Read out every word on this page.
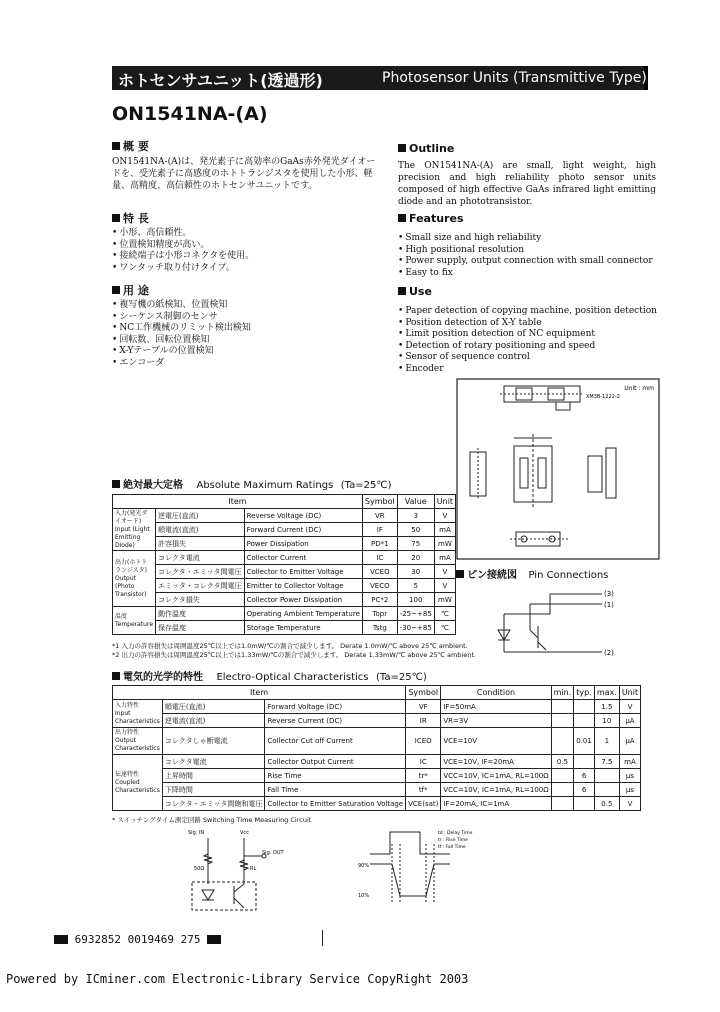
ホトセンサユニット(透過形)	Photosensor Units (Transmittive Type)
ON1541NA-(A)
概 要
ON1541NA-(A)は、発光素子に高効率のGaAs赤外発光ダイオードを、受光素子に高感度のホトトランジスタを使用した小形、軽量、高精度、高信頼性のホトセンサユニットです。
特 長
• 小形、高信頼性。
• 位置検知精度が高い。
• 接続端子は小形コネクタを使用。
• ワンタッチ取り付けタイプ。
用 途
• 複写機の紙検知、位置検知
• シーケンス制御のセンサ
• NC工作機械のリミット検出検知
• 回転数、回転位置検知
• X-Yテーブルの位置検知
• エンコーダ
Outline
The ON1541NA-(A) are small, light weight, high precision and high reliability photo sensor units composed of high effective GaAs infrared light emitting diode and an phototransistor.
Features
• Small size and high reliability
• High positional resolution
• Power supply, output connection with small connector
• Easy to fix
Use
• Paper detection of copying machine, position detection
• Position detection of X-Y table
• Limit position detection of NC equipment
• Detection of rotary positioning and speed
• Sensor of sequence control
• Encoder
Unit : mm
XM3B-1222-2
絶対最大定格 Absolute Maximum Ratings (Ta=25℃)
Item			Symbol	Value	Unit
入力(発光ダイオード)
Input (Light Emitting Diode)	逆電圧(直流)	Reverse Voltage (DC)	VR	3	V
	順電流(直流)	Forward Current (DC)	IF	50	mA
	許容損失	Power Dissipation	PD*1	75	mW
出力(ホトトランジスタ)
Output (Photo Transistor)	コレクタ電流	Collector Current	IC	20	mA
	コレクタ・エミッタ間電圧	Collector to Emitter Voltage	VCEO	30	V
	エミッタ・コレクタ間電圧	Emitter to Collector Voltage	VECO	5	V
	コレクタ損失	Collector Power Dissipation	PC*2	100	mW
温度
Temperature	動作温度	Operating Ambient Temperature	Topr	-25~+85	℃
	保存温度	Storage Temperature	Tstg	-30~+85	℃
*1 入力の許容損失は周囲温度25℃以上では1.0mW/℃の割合で減少します。 Derate 1.0mW/℃ above 25℃ ambient.
*2 出力の許容損失は周囲温度25℃以上では1.33mW/℃の割合で減少します。 Derate 1.33mW/℃ above 25℃ ambient.
ピン接続図 Pin Connections
(3)
(1)
(2)
電気的光学的特性 Electro-Optical Characteristics (Ta=25℃)
Item			Symbol	Condition	min.	typ.	max.	Unit
入力特性
Input Characteristics	順電圧(直流)	Forward Voltage (DC)	VF	IF=50mA			1.5	V
	逆電流(直流)	Reverse Current (DC)	IR	VR=3V			10	μA
出力特性
Output Characteristics	コレクタしゃ断電流	Collector Cut off Current	ICEO	VCE=10V		0.01	1	μA
伝達特性
Coupled Characteristics	コレクタ電流	Collector Output Current	IC	VCE=10V, IF=20mA	0.5		7.5	mA
	上昇時間	Rise Time	tr*	VCC=10V, IC=1mA, RL=100Ω		6		μs
	下降時間	Fall Time	tf*	VCC=10V, IC=1mA, RL=100Ω		6		μs
	コレクタ・エミッタ間飽和電圧	Collector to Emitter Saturation Voltage	VCE(sat)	IF=20mA, IC=1mA			0.5	V
* スイッチングタイム測定回路 Switching Time Measuring Circuit
Sig. IN	Vcc
Sig. OUT
RL
50Ω	90%
10%
td : Delay Time
tr : Rise Time
tf : Fall Time
6932852 0019469 275
Powered by ICminer.com Electronic-Library Service CopyRight 2003
